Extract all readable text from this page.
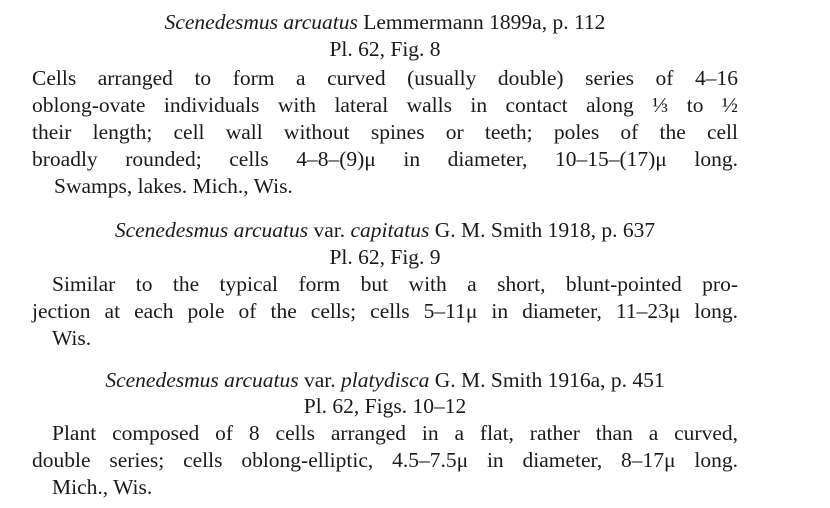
Scenedesmus arcuatus Lemmermann 1899a, p. 112
Pl. 62, Fig. 8
Cells arranged to form a curved (usually double) series of 4–16
oblong-ovate individuals with lateral walls in contact along ⅓ to ½
their length; cell wall without spines or teeth; poles of the cell
broadly rounded; cells 4–8–(9)μ in diameter, 10–15–(17)μ long.
Swamps, lakes. Mich., Wis.
Scenedesmus arcuatus var. capitatus G. M. Smith 1918, p. 637
Pl. 62, Fig. 9
Similar to the typical form but with a short, blunt-pointed pro-
jection at each pole of the cells; cells 5–11μ in diameter, 11–23μ long.
Wis.
Scenedesmus arcuatus var. platydisca G. M. Smith 1916a, p. 451
Pl. 62, Figs. 10–12
Plant composed of 8 cells arranged in a flat, rather than a curved,
double series; cells oblong-elliptic, 4.5–7.5μ in diameter, 8–17μ long.
Mich., Wis.
